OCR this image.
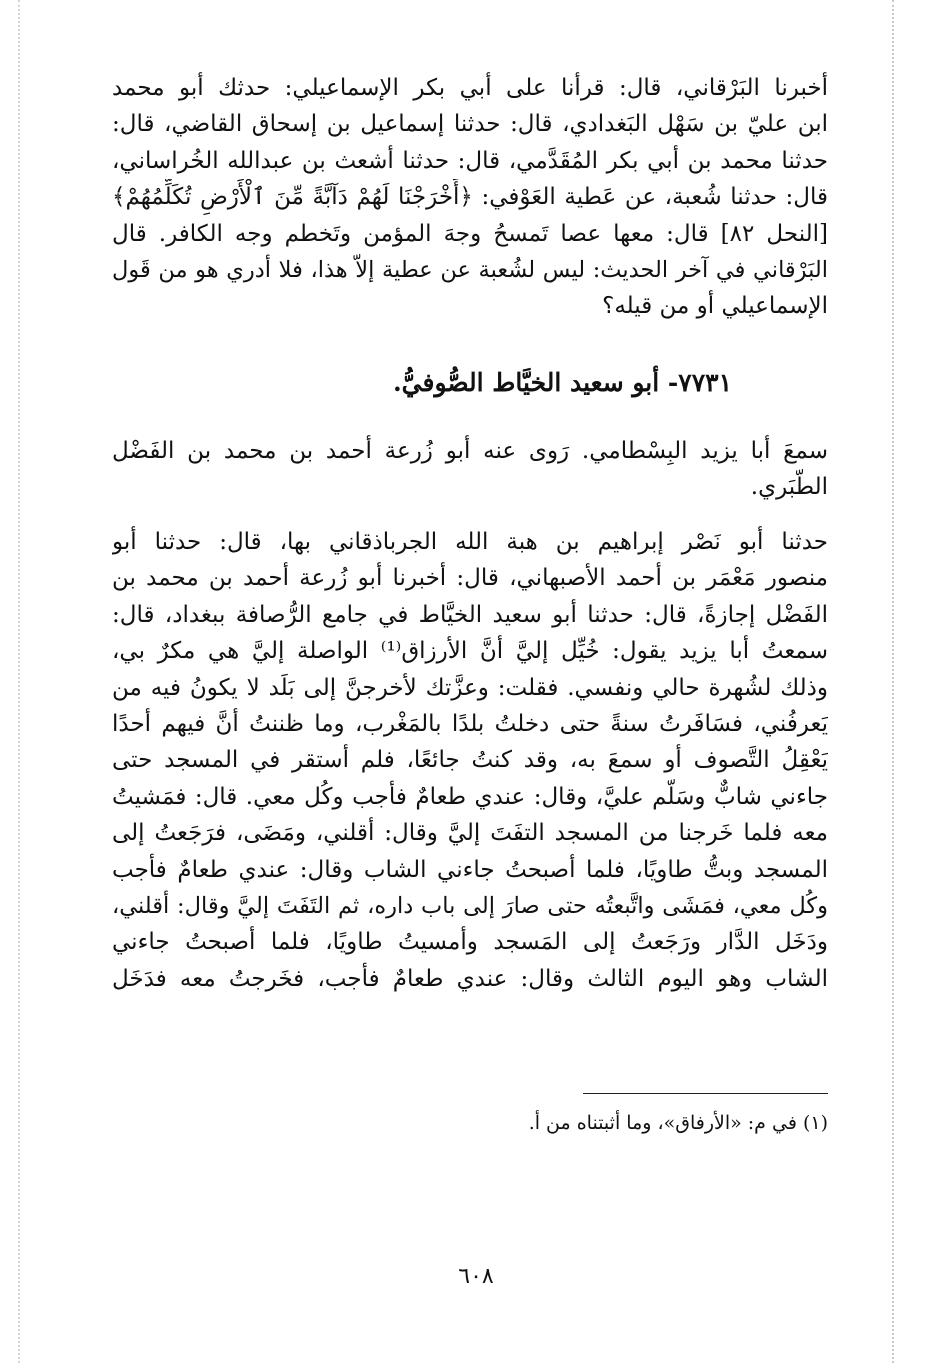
أخبرنا البَرْقاني، قال: قرأنا على أبي بكر الإسماعيلي: حدثك أبو محمد
ابن عليّ بن سَهْل البَغدادي، قال: حدثنا إسماعيل بن إسحاق القاضي، قال:
حدثنا محمد بن أبي بكر المُقَدَّمي، قال: حدثنا أشعث بن عبدالله الخُراساني،
قال: حدثنا شُعبة، عن عَطية العَوْفي: ﴿أَخْرَجْنَا لَهُمْ دَآبَّةً مِّنَ ٱلْأَرْضِ تُكَلِّمُهُمْ﴾
[النحل ٨٢] قال: معها عصا تَمسحُ وجهَ المؤمن وتَخطم وجه الكافر. قال
البَرْقاني في آخر الحديث: ليس لشُعبة عن عطية إلاّ هذا، فلا أدري هو من قَول
الإسماعيلي أو من قيله؟
٧٧٣١- أبو سعيد الخيَّاط الصُّوفيُّ.
سمعَ أبا يزيد البِسْطامي. رَوى عنه أبو زُرعة أحمد بن محمد بن الفَضْل
الطَّبَري.
حدثنا أبو نَصْر إبراهيم بن هبة الله الجرباذقاني بها، قال: حدثنا أبو
منصور مَعْمَر بن أحمد الأصبهاني، قال: أخبرنا أبو زُرعة أحمد بن محمد بن
الفَضْل إجازةً، قال: حدثنا أبو سعيد الخيَّاط في جامع الرُّصافة ببغداد، قال:
سمعتُ أبا يزيد يقول: خُيِّل إليَّ أنَّ الأرزاق⁽¹⁾ الواصلة إليَّ هي مكرٌ بي،
وذلك لشُهرة حالي ونفسي. فقلت: وعزَّتك لأخرجنَّ إلى بَلَد لا يكونُ فيه من
يَعرفُني، فسَافَرتُ سنةً حتى دخلتُ بلدًا بالمَغْرب، وما ظننتُ أنَّ فيهم أحدًا
يَعْقِلُ التَّصوف أو سمعَ به، وقد كنتُ جائعًا، فلم أستقر في المسجد حتى
جاءني شابٌّ وسَلَّم عليَّ، وقال: عندي طعامٌ فأجب وكُل معي. قال: فمَشيتُ
معه فلما خَرجنا من المسجد التفَتَ إليَّ وقال: أقلني، ومَضَى، فرَجَعتُ إلى
المسجد وبتُّ طاويًا، فلما أصبحتُ جاءني الشاب وقال: عندي طعامٌ فأجب
وكُل معي، فمَشَى واتَّبعتُه حتى صارَ إلى باب داره، ثم التَفَتَ إليَّ وقال: أقلني،
ودَخَل الدَّار ورَجَعتُ إلى المَسجد وأمسيتُ طاويًا، فلما أصبحتُ جاءني
الشاب وهو اليوم الثالث وقال: عندي طعامٌ فأجب، فخَرجتُ معه فدَخَل
(١) في م: «الأرفاق»، وما أثبتناه من أ.
٦٠٨
